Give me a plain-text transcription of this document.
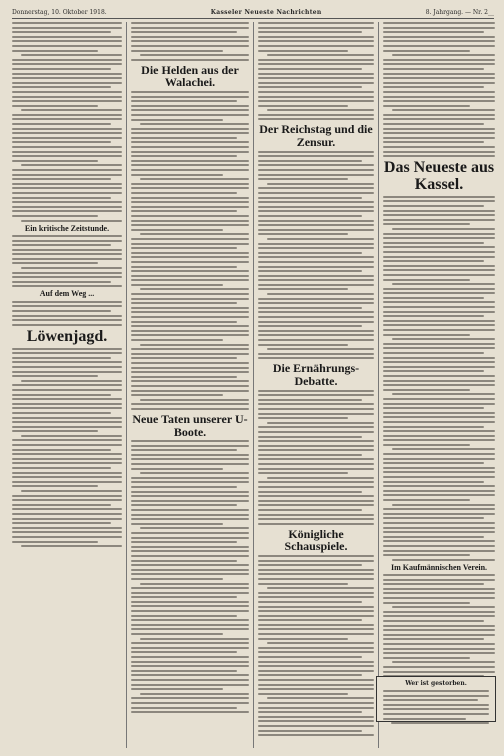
Donnerstag, 10. Oktober 1918.	Kasseler Neueste Nachrichten	8. Jahrgang. — Nr. 2__
Ein kritische Zeitstunde.
Auf dem Weg ...
Löwenjagd.
Die Helden aus der Walachei.
Neue Taten unserer U-Boote.
Der Reichstag und die Zensur.
Die Ernährungs-Debatte.
Königliche Schauspiele.
Das Neueste aus Kassel.
Im Kaufmännischen Verein.
Wer ist gestorben.
